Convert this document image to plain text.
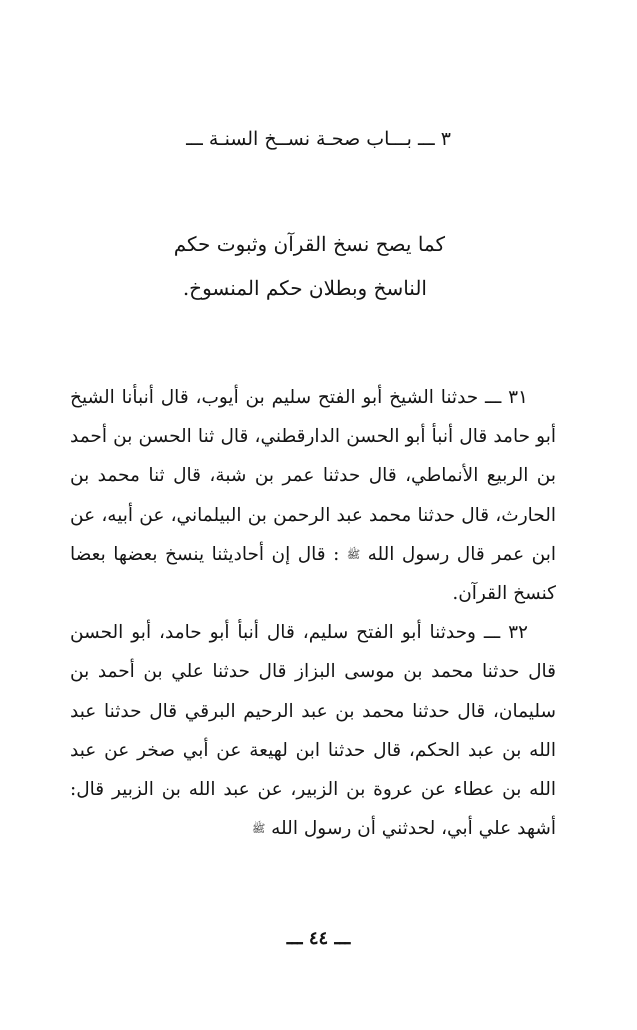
٣ ـــ بـــاب صحـة نســخ السنـة ـــ
كما يصح نسخ القرآن وثبوت حكم
الناسخ وبطلان حكم المنسوخ.

٣١ ـــ حدثنا الشيخ أبو الفتح سليم بن أيوب، قال أنبأنا الشيخ أبو حامد قال أنبأ أبو الحسن الدارقطني، قال ثنا الحسن بن أحمد بن الربيع الأنماطي، قال حدثنا عمر بن شبة، قال ثنا محمد بن الحارث، قال حدثنا محمد عبد الرحمن بن البيلماني، عن أبيه، عن ابن عمر قال رسول الله ﷺ : قال إن أحاديثنا ينسخ بعضها بعضا كنسخ القرآن.

٣٢ ـــ وحدثنا أبو الفتح سليم، قال أنبأ أبو حامد، أبو الحسن قال حدثنا محمد بن موسى البزاز قال حدثنا علي بن أحمد بن سليمان، قال حدثنا محمد بن عبد الرحيم البرقي قال حدثنا عبد الله بن عبد الحكم، قال حدثنا ابن لهيعة عن أبي صخر عن عبد الله بن عطاء عن عروة بن الزبير، عن عبد الله بن الزبير قال: أشهد علي أبي، لحدثني أن رسول الله ﷺ

ـــ ٤٤ ـــ
